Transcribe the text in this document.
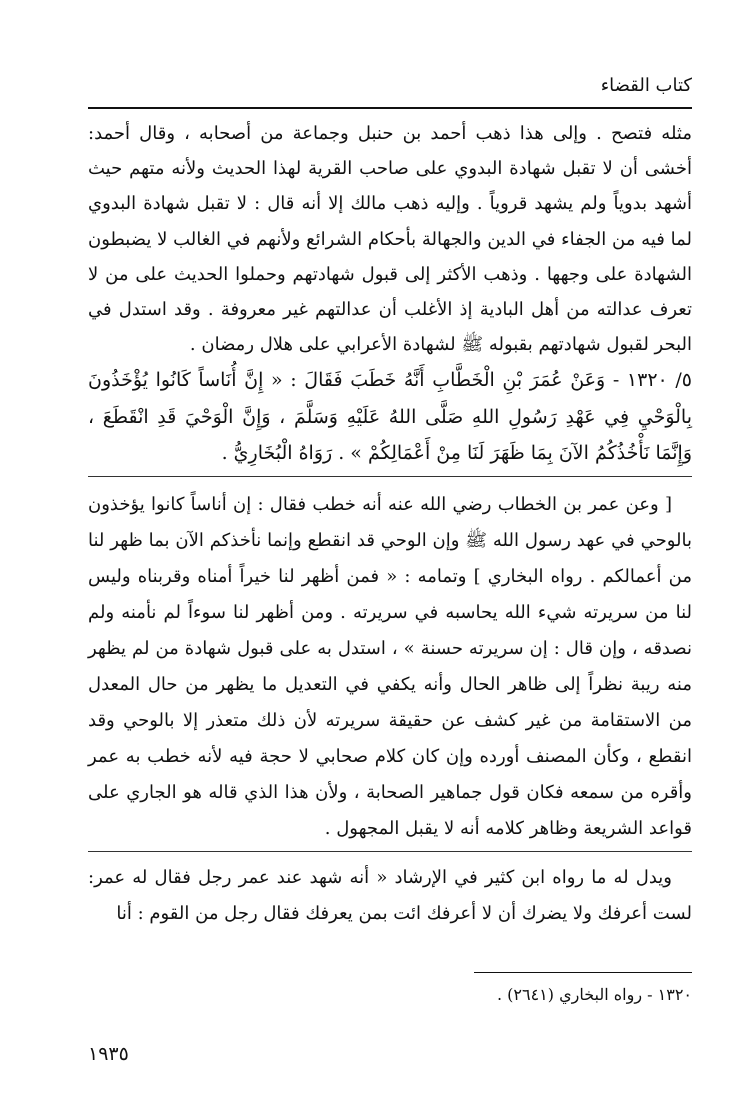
كتاب القضاء

مثله فتصح . وإلى هذا ذهب أحمد بن حنبل وجماعة من أصحابه ، وقال أحمد: أخشى أن لا تقبل شهادة البدوي على صاحب القرية لهذا الحديث ولأنه متهم حيث أشهد بدوياً ولم يشهد قروياً . وإليه ذهب مالك إلا أنه قال : لا تقبل شهادة البدوي لما فيه من الجفاء في الدين والجهالة بأحكام الشرائع ولأنهم في الغالب لا يضبطون الشهادة على وجهها . وذهب الأكثر إلى قبول شهادتهم وحملوا الحديث على من لا تعرف عدالته من أهل البادية إذ الأغلب أن عدالتهم غير معروفة . وقد استدل في البحر لقبول شهادتهم بقبوله ﷺ لشهادة الأعرابي على هلال رمضان .

٥/ ١٣٢٠ - وَعَنْ عُمَرَ بْنِ الْخَطَّابِ أَنَّهُ خَطَبَ فَقَالَ : « إِنَّ أُنَاساً كَانُوا يُؤْخَذُونَ بِالْوَحْيِ فِي عَهْدِ رَسُولِ اللهِ صَلَّى اللهُ عَلَيْهِ وَسَلَّمَ ، وَإِنَّ الْوَحْيَ قَدِ انْقَطَعَ ، وَإِنَّمَا نَأْخُذُكُمُ الآنَ بِمَا ظَهَرَ لَنَا مِنْ أَعْمَالِكُمْ » . رَوَاهُ الْبُخَارِيُّ .

[ وعن عمر بن الخطاب رضي الله عنه أنه خطب فقال : إن أناساً كانوا يؤخذون بالوحي في عهد رسول الله ﷺ وإن الوحي قد انقطع وإنما نأخذكم الآن بما ظهر لنا من أعمالكم . رواه البخاري ] وتمامه : « فمن أظهر لنا خيراً أمناه وقربناه وليس لنا من سريرته شيء الله يحاسبه في سريرته . ومن أظهر لنا سوءاً لم نأمنه ولم نصدقه ، وإن قال : إن سريرته حسنة » ، استدل به على قبول شهادة من لم يظهر منه ريبة نظراً إلى ظاهر الحال وأنه يكفي في التعديل ما يظهر من حال المعدل من الاستقامة من غير كشف عن حقيقة سريرته لأن ذلك متعذر إلا بالوحي وقد انقطع ، وكأن المصنف أورده وإن كان كلام صحابي لا حجة فيه لأنه خطب به عمر وأقره من سمعه فكان قول جماهير الصحابة ، ولأن هذا الذي قاله هو الجاري على قواعد الشريعة وظاهر كلامه أنه لا يقبل المجهول .

ويدل له ما رواه ابن كثير في الإرشاد « أنه شهد عند عمر رجل فقال له عمر: لست أعرفك ولا يضرك أن لا أعرفك ائت بمن يعرفك فقال رجل من القوم : أنا

١٣٢٠ - رواه البخاري (٢٦٤١) .
١٩٣٥
